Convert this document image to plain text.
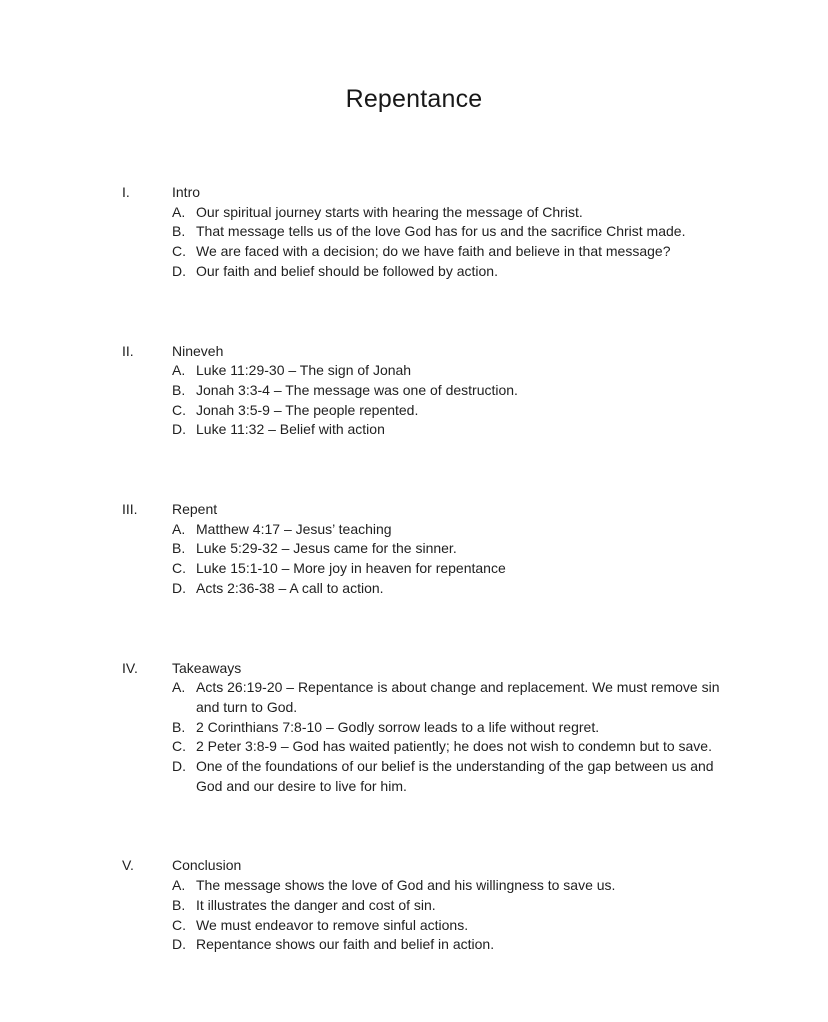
Repentance
I.	Intro
A. Our spiritual journey starts with hearing the message of Christ.
B. That message tells us of the love God has for us and the sacrifice Christ made.
C. We are faced with a decision; do we have faith and believe in that message?
D. Our faith and belief should be followed by action.
II.	Nineveh
A. Luke 11:29-30 – The sign of Jonah
B. Jonah 3:3-4 – The message was one of destruction.
C. Jonah 3:5-9 – The people repented.
D. Luke 11:32 – Belief with action
III.	Repent
A. Matthew 4:17 – Jesus’ teaching
B. Luke 5:29-32 – Jesus came for the sinner.
C. Luke 15:1-10 – More joy in heaven for repentance
D. Acts 2:36-38 – A call to action.
IV.	Takeaways
A. Acts 26:19-20 – Repentance is about change and replacement. We must remove sin and turn to God.
B. 2 Corinthians 7:8-10 – Godly sorrow leads to a life without regret.
C. 2 Peter 3:8-9 – God has waited patiently; he does not wish to condemn but to save.
D. One of the foundations of our belief is the understanding of the gap between us and God and our desire to live for him.
V.	Conclusion
A. The message shows the love of God and his willingness to save us.
B. It illustrates the danger and cost of sin.
C. We must endeavor to remove sinful actions.
D. Repentance shows our faith and belief in action.
